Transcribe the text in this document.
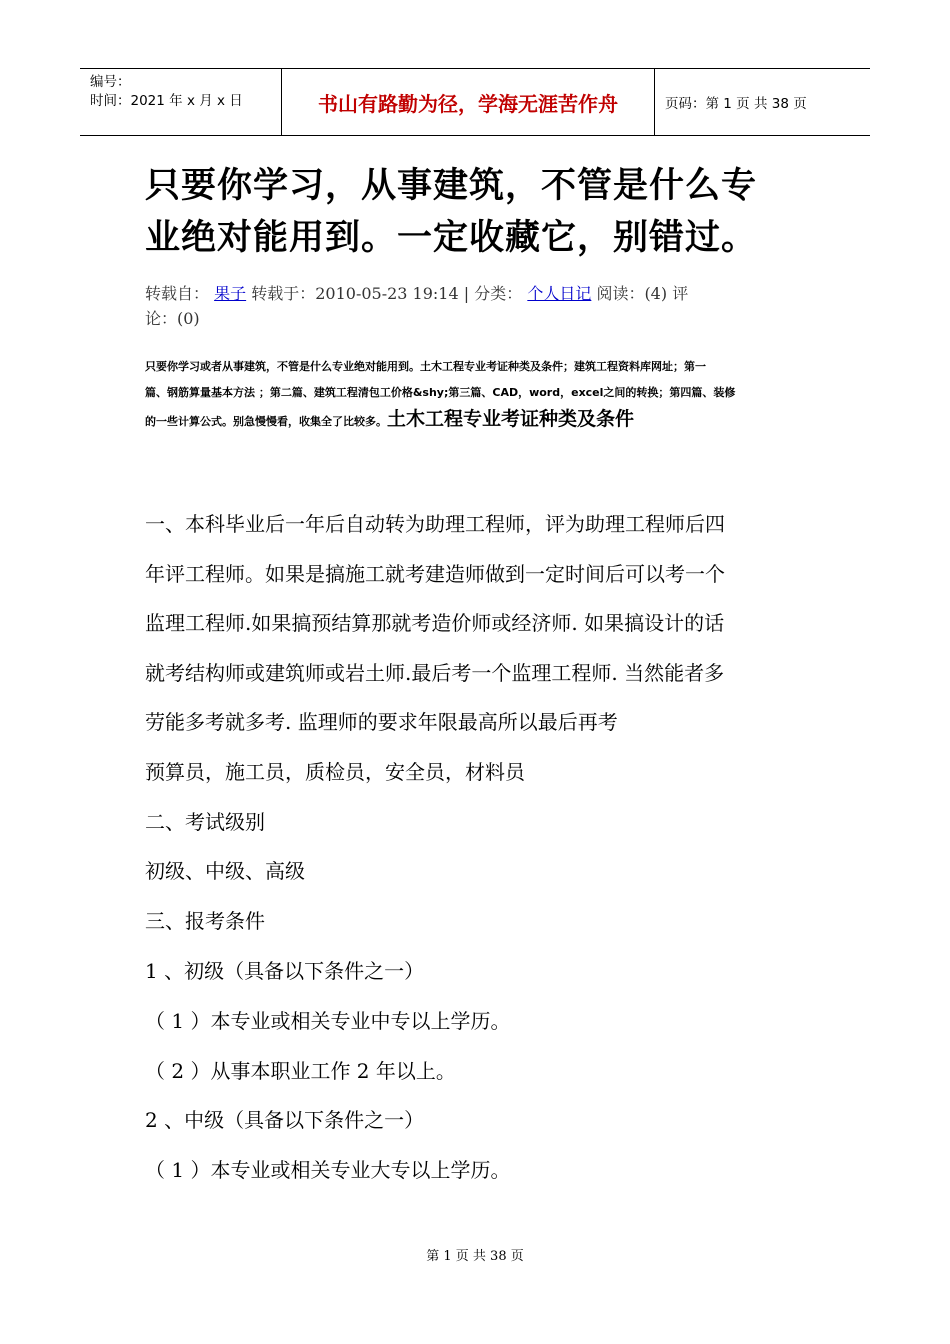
编号：
时间：2021 年 x 月 x 日	书山有路勤为径，学海无涯苦作舟	页码：第 1 页 共 38 页
只要你学习，从事建筑，不管是什么专
业绝对能用到。一定收藏它，别错过。
转载自： 果子 转载于：2010-05-23 19:14 | 分类： 个人日记 阅读：(4) 评
论：(0)
只要你学习或者从事建筑，不管是什么专业绝对能用到。土木工程专业考证种类及条件；建筑工程资料库网址；第一
篇、钢筋算量基本方法 ；第二篇、建筑工程清包工价格&shy;第三篇、CAD，word，excel之间的转换；第四篇、装修
的一些计算公式。别急慢慢看，收集全了比较多。土木工程专业考证种类及条件
一、本科毕业后一年后自动转为助理工程师，评为助理工程师后四
年评工程师。如果是搞施工就考建造师做到一定时间后可以考一个
监理工程师.如果搞预结算那就考造价师或经济师. 如果搞设计的话
就考结构师或建筑师或岩土师.最后考一个监理工程师. 当然能者多
劳能多考就多考. 监理师的要求年限最高所以最后再考
预算员，施工员，质检员，安全员，材料员
二、考试级别
初级、中级、高级
三、报考条件
1 、初级（具备以下条件之一）
（ 1 ）本专业或相关专业中专以上学历。
（ 2 ）从事本职业工作 2 年以上。
2 、中级（具备以下条件之一）
（ 1 ）本专业或相关专业大专以上学历。
第 1 页 共 38 页
